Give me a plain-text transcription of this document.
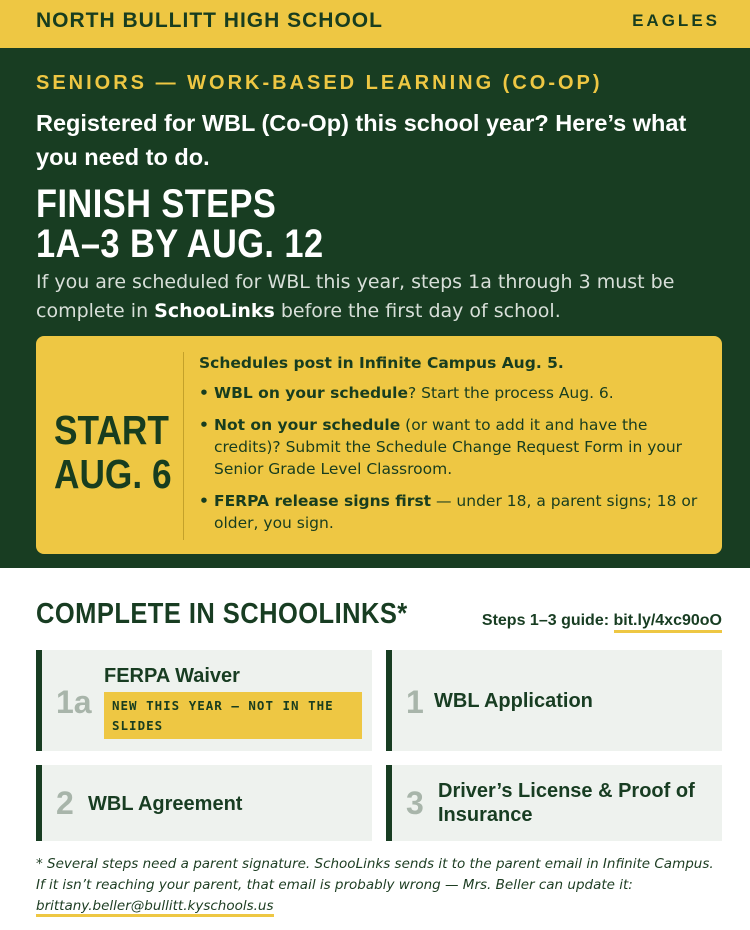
NORTH BULLITT HIGH SCHOOL	EAGLES
SENIORS — WORK-BASED LEARNING (CO-OP)
Registered for WBL (Co-Op) this school year? Here’s what you need to do.
FINISH STEPS
1A–3 BY AUG. 12
If you are scheduled for WBL this year, steps 1a through 3 must be complete in SchooLinks before the first day of school.
START
AUG. 6
Schedules post in Infinite Campus Aug. 5.
• WBL on your schedule? Start the process Aug. 6.
• Not on your schedule (or want to add it and have the credits)? Submit the Schedule Change Request Form in your Senior Grade Level Classroom.
• FERPA release signs first — under 18, a parent signs; 18 or older, you sign.
COMPLETE IN SCHOOLINKS*	Steps 1–3 guide: bit.ly/4xc90oO
1a
FERPA Waiver
NEW THIS YEAR — NOT IN THE SLIDES
1 WBL Application
2 WBL Agreement	3 Driver’s License & Proof of Insurance
* Several steps need a parent signature. SchooLinks sends it to the parent email in Infinite Campus. If it isn’t reaching your parent, that email is probably wrong — Mrs. Beller can update it:
brittany.beller@bullitt.kyschools.us
